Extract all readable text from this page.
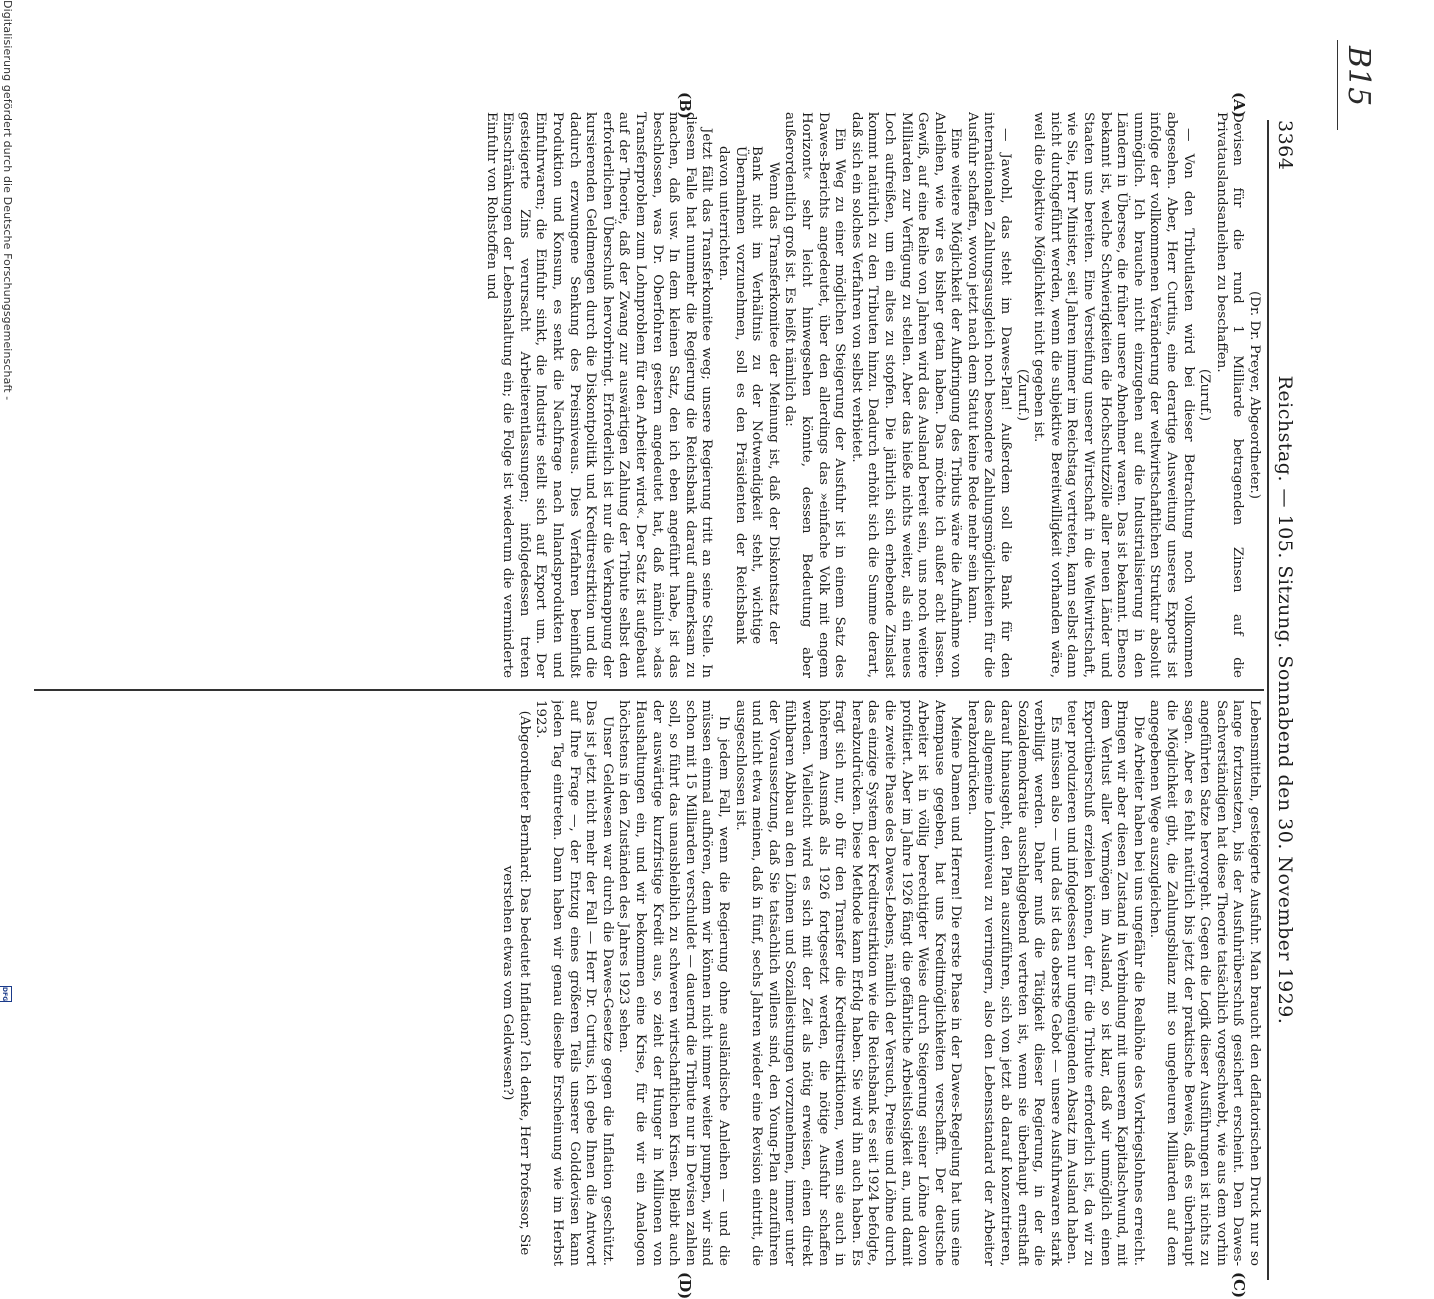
B15
3364
Reichstag. — 105. Sitzung. Sonnabend den 30. November 1929.
(A)
(B)
(C)
(D)

(Dr. Dr. Preyer, Abgeordneter.)

Devisen für die rund 1 Milliarde betragenden Zinsen auf die Privatauslandsanleihen zu beschaffen.

(Zuruf.)

— Von den Tributlasten wird bei dieser Betrachtung noch vollkommen abgesehen. Aber, Herr Curtius, eine derartige Ausweitung unseres Exports ist infolge der vollkommenen Veränderung der weltwirtschaftlichen Struktur absolut unmöglich. Ich brauche nicht einzugehen auf die Industrialisierung in den Ländern in Übersee, die früher unsere Abnehmer waren. Das ist bekannt. Ebenso bekannt ist, welche Schwierigkeiten die Hochschutzzölle aller neuen Länder und Staaten uns bereiten. Eine Versteifung unserer Wirtschaft in die Weltwirtschaft, wie Sie, Herr Minister, seit Jahren immer im Reichstag vertreten, kann selbst dann nicht durchgeführt werden, wenn die subjektive Bereitwilligkeit vorhanden wäre, weil die objektive Möglichkeit nicht gegeben ist.

(Zuruf.)

— Jawohl, das steht im Dawes-Plan! Außerdem soll die Bank für den internationalen Zahlungsausgleich noch besondere Zahlungsmöglichkeiten für die Ausfuhr schaffen, wovon jetzt nach dem Statut keine Rede mehr sein kann.

Eine weitere Möglichkeit der Aufbringung des Tributs wäre die Aufnahme von Anleihen, wie wir es bisher getan haben. Das möchte ich außer acht lassen. Gewiß, auf eine Reihe von Jahren wird das Ausland bereit sein, uns noch weitere Milliarden zur Verfügung zu stellen. Aber das hieße nichts weiter, als ein neues Loch aufreißen, um ein altes zu stopfen. Die jährlich sich erhebende Zinslast kommt natürlich zu den Tributen hinzu. Dadurch erhöht sich die Summe derart, daß sich ein solches Verfahren von selbst verbietet.

Ein Weg zu einer möglichen Steigerung der Ausfuhr ist in einem Satz des Dawes-Berichts angedeutet, über den allerdings das »einfache Volk mit engem Horizont« sehr leicht hinwegsehen könnte, dessen Bedeutung aber außerordentlich groß ist. Es heißt nämlich da:

Wenn das Transferkomitee der Meinung ist, daß der Diskontsatz der Bank nicht im Verhältnis zu der Notwendigkeit steht, wichtige Übernahmen vorzunehmen, soll es den Präsidenten der Reichsbank davon unterrichten.

Jetzt fällt das Transferkomitee weg; unsere Regierung tritt an seine Stelle. In diesem Falle hat nunmehr die Regierung die Reichsbank darauf aufmerksam zu machen, daß usw. In dem kleinen Satz, den ich eben angeführt habe, ist das beschlossen, was Dr. Oberfohren gestern angedeutet hat, daß nämlich »das Transferproblem zum Lohnproblem für den Arbeiter wird«. Der Satz ist aufgebaut auf der Theorie, daß der Zwang zur auswärtigen Zahlung der Tribute selbst den erforderlichen Überschuß hervorbringt. Erforderlich ist nur die Verknappung der kursierenden Geldmengen durch die Diskontpolitik und Kreditrestriktion und die dadurch erzwungene Senkung des Preisniveaus. Dies Verfahren beeinflußt Produktion und Konsum, es senkt die Nachfrage nach Inlandsprodukten und Einfuhrwaren; die Einfuhr sinkt, die Industrie stellt sich auf Export um. Der gesteigerte Zins verursacht Arbeiterentlassungen; infolgedessen treten Einschränkungen der Lebenshaltung ein; die Folge ist wiederum die verminderte Einfuhr von Rohstoffen und

Lebensmitteln, gesteigerte Ausfuhr. Man braucht den deflatorischen Druck nur so lange fortzusetzen, bis der Ausfuhrüberschuß gesichert erscheint. Den Dawes-Sachverständigen hat diese Theorie tatsächlich vorgeschwebt, wie aus dem vorhin angeführten Satze hervorgeht. Gegen die Logik dieser Ausführungen ist nichts zu sagen. Aber es fehlt natürlich bis jetzt der praktische Beweis, daß es überhaupt die Möglichkeit gibt, die Zahlungsbilanz mit so ungeheuren Milliarden auf dem angegebenen Wege auszugleichen.

Die Arbeiter haben bei uns ungefähr die Realhöhe des Vorkriegslohnes erreicht. Bringen wir aber diesen Zustand in Verbindung mit unserem Kapitalschwund, mit dem Verlust aller Vermögen im Ausland, so ist klar, daß wir unmöglich einen Exportüberschuß erzielen können, der für die Tribute erforderlich ist, da wir zu teuer produzieren und infolgedessen nur ungenügenden Absatz im Ausland haben.

Es müssen also — und das ist das oberste Gebot — unsere Ausfuhrwaren stark verbilligt werden. Daher muß die Tätigkeit dieser Regierung, in der die Sozialdemokratie ausschlaggebend vertreten ist, wenn sie überhaupt ernsthaft darauf hinausgeht, den Plan auszuführen, sich von jetzt ab darauf konzentrieren, das allgemeine Lohnniveau zu verringern, also den Lebensstandard der Arbeiter herabzudrücken.

Meine Damen und Herren! Die erste Phase in der Dawes-Regelung hat uns eine Atempause gegeben, hat uns Kreditmöglichkeiten verschafft. Der deutsche Arbeiter ist in völlig berechtigter Weise durch Steigerung seiner Löhne davon profitiert. Aber im Jahre 1926 fängt die gefährliche Arbeitslosigkeit an, und damit die zweite Phase des Dawes-Lebens, nämlich der Versuch, Preise und Löhne durch das einzige System der Kreditrestriktion wie die Reichsbank es seit 1924 befolgte, herabzudrücken. Diese Methode kann Erfolg haben. Sie wird ihn auch haben. Es fragt sich nur, ob für den Transfer die Kreditrestriktionen, wenn sie auch in höherem Ausmaß als 1926 fortgesetzt werden, die nötige Ausfuhr schaffen werden. Vielleicht wird es sich mit der Zeit als nötig erweisen, einen direkt fühlbaren Abbau an den Löhnen und Sozialleistungen vorzunehmen, immer unter der Voraussetzung, daß Sie tatsächlich willens sind, den Young-Plan anzuführen und nicht etwa meinen, daß in fünf, sechs Jahren wieder eine Revision eintritt, die ausgeschlossen ist.

In jedem Fall, wenn die Regierung ohne ausländische Anleihen — und die müssen einmal aufhören, denn wir können nicht immer weiter pumpen, wir sind schon mit 15 Milliarden verschuldet — dauernd die Tribute nur in Devisen zahlen soll, so führt das unausbleiblich zu schweren wirtschaftlichen Krisen. Bleibt auch der auswärtige kurzfristige Kredit aus, so zieht der Hunger in Millionen von Haushaltungen ein, und wir bekommen eine Krise, für die wir ein Analogon höchstens in den Zuständen des Jahres 1923 sehen.

Unser Geldwesen war durch die Dawes-Gesetze gegen die Inflation geschützt. Das ist jetzt nicht mehr der Fall — Herr Dr. Curtius, ich gebe Ihnen die Antwort auf Ihre Frage —, der Entzug eines größeren Teils unserer Golddevisen kann jeden Tag eintreten. Dann haben wir genau dieselbe Erscheinung wie im Herbst 1923.

(Abgeordneter Bernhard: Das bedeutet Inflation? Ich denke, Herr Professor, Sie verstehen etwas vom Geldwesen?)

Digitalisierung gefördert durch die Deutsche Forschungsgemeinschaft -
DFG
